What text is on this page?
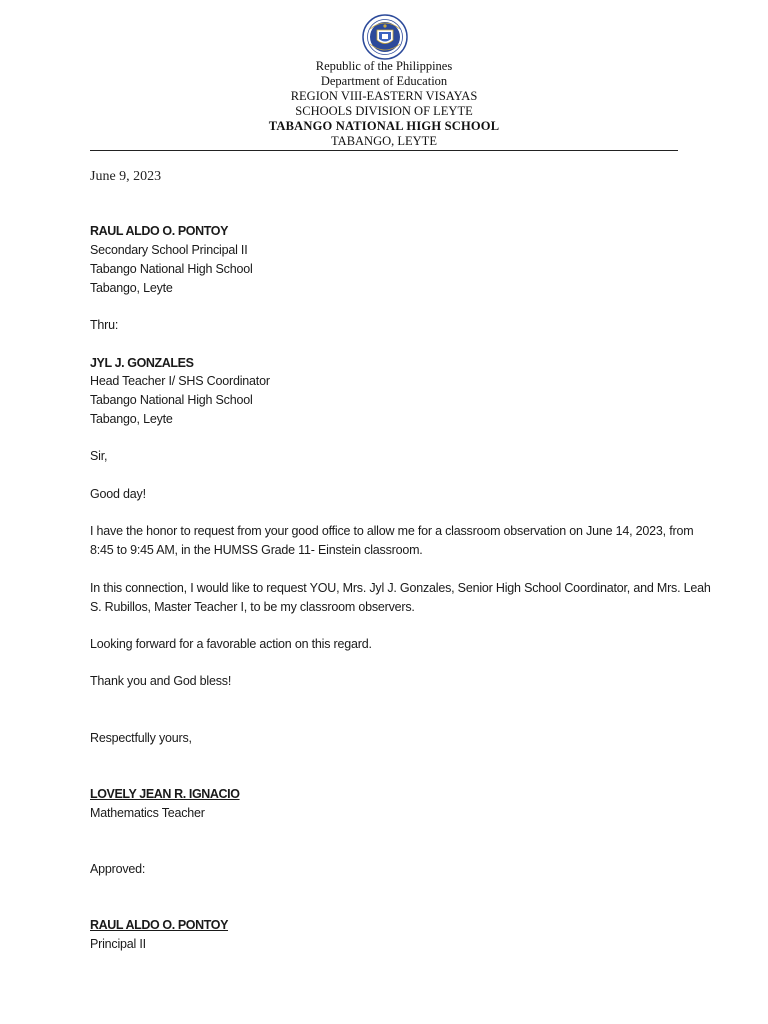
Republic of the Philippines
Department of Education
REGION VIII-EASTERN VISAYAS
SCHOOLS DIVISION OF LEYTE
TABANGO NATIONAL HIGH SCHOOL
TABANGO, LEYTE
June 9, 2023
RAUL ALDO O. PONTOY
Secondary School Principal II
Tabango National High School
Tabango, Leyte
Thru:
JYL J. GONZALES
Head Teacher I/ SHS Coordinator
Tabango National High School
Tabango, Leyte
Sir,
Good day!
I have the honor to request from your good office to allow me for a classroom observation on June 14, 2023, from
8:45 to 9:45 AM, in the HUMSS Grade 11- Einstein classroom.
In this connection, I would like to request YOU, Mrs. Jyl J. Gonzales, Senior High School Coordinator, and Mrs. Leah
S. Rubillos, Master Teacher I, to be my classroom observers.
Looking forward for a favorable action on this regard.
Thank you and God bless!
Respectfully yours,
LOVELY JEAN R. IGNACIO
Mathematics Teacher
Approved:
RAUL ALDO O. PONTOY
Principal II
